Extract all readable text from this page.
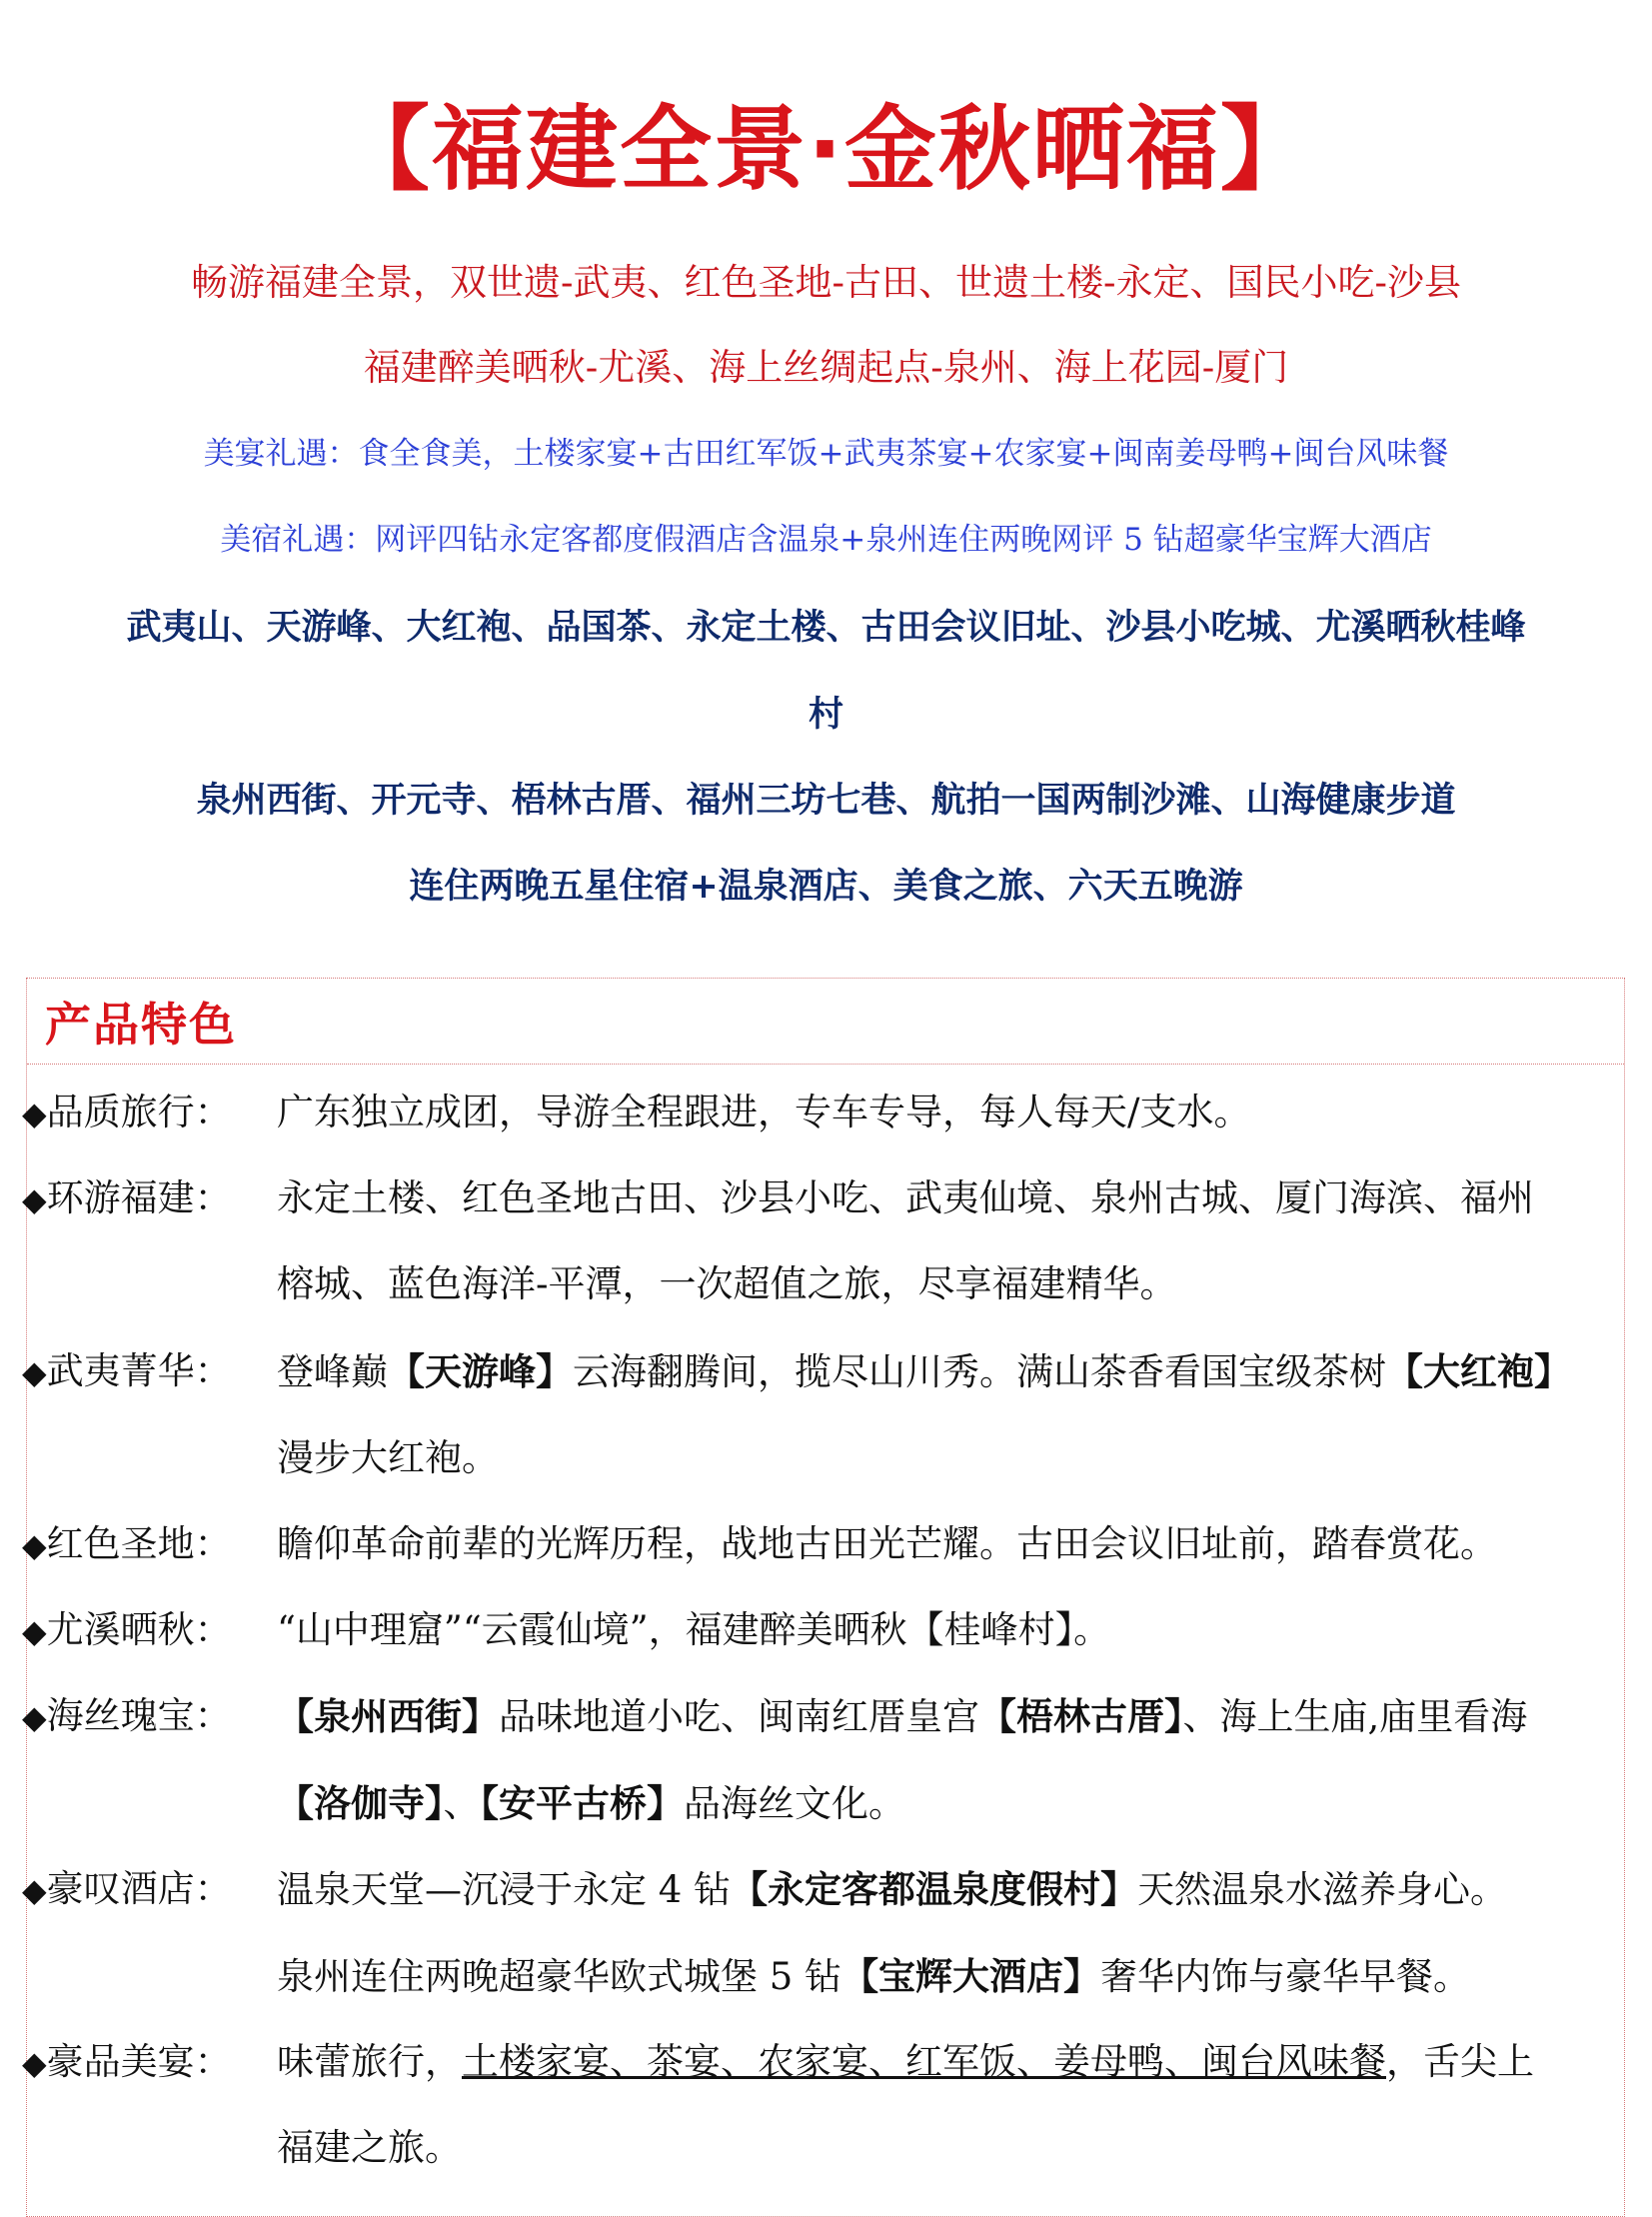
【福建全景·金秋晒福】
畅游福建全景，双世遗-武夷、红色圣地-古田、世遗土楼-永定、国民小吃-沙县
福建醉美晒秋-尤溪、海上丝绸起点-泉州、海上花园-厦门
美宴礼遇：食全食美，土楼家宴+古田红军饭+武夷茶宴+农家宴+闽南姜母鸭+闽台风味餐
美宿礼遇：网评四钻永定客都度假酒店含温泉+泉州连住两晚网评 5 钻超豪华宝辉大酒店
武夷山、天游峰、大红袍、品国茶、永定土楼、古田会议旧址、沙县小吃城、尤溪晒秋桂峰
村
泉州西街、开元寺、梧林古厝、福州三坊七巷、航拍一国两制沙滩、山海健康步道
连住两晚五星住宿+温泉酒店、美食之旅、六天五晚游
产品特色
◆品质旅行： 广东独立成团，导游全程跟进，专车专导，每人每天/支水。
◆环游福建： 永定土楼、红色圣地古田、沙县小吃、武夷仙境、泉州古城、厦门海滨、福州
榕城、蓝色海洋-平潭，一次超值之旅，尽享福建精华。
◆武夷菁华： 登峰巅【天游峰】云海翻腾间，揽尽山川秀。满山茶香看国宝级茶树【大红袍】
漫步大红袍。
◆红色圣地： 瞻仰革命前辈的光辉历程，战地古田光芒耀。古田会议旧址前，踏春赏花。
◆尤溪晒秋： “山中理窟”“云霞仙境”，福建醉美晒秋【桂峰村】。
◆海丝瑰宝： 【泉州西街】品味地道小吃、闽南红厝皇宫【梧林古厝】、海上生庙,庙里看海
【洛伽寺】、【安平古桥】品海丝文化。
◆豪叹酒店： 温泉天堂—沉浸于永定 4 钻【永定客都温泉度假村】天然温泉水滋养身心。
泉州连住两晚超豪华欧式城堡 5 钻【宝辉大酒店】奢华内饰与豪华早餐。
◆豪品美宴： 味蕾旅行，土楼家宴、茶宴、农家宴、红军饭、姜母鸭、闽台风味餐，舌尖上
福建之旅。
